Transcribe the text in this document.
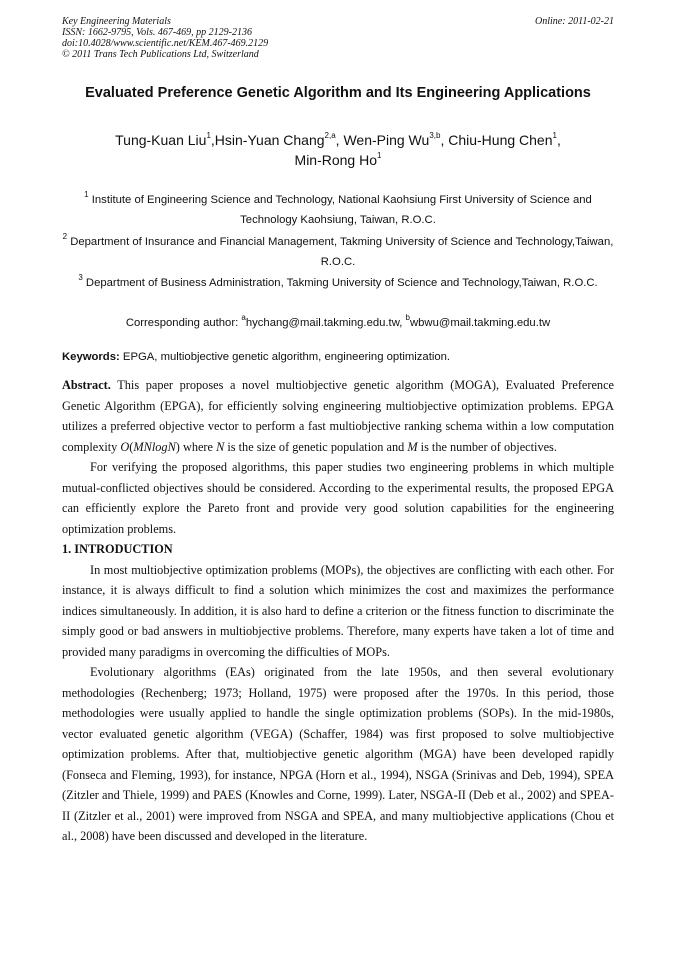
Key Engineering Materials
ISSN: 1662-9795, Vols. 467-469, pp 2129-2136
doi:10.4028/www.scientific.net/KEM.467-469.2129
© 2011 Trans Tech Publications Ltd, Switzerland
Online: 2011-02-21
Evaluated Preference Genetic Algorithm and Its Engineering Applications
Tung-Kuan Liu$^1$,Hsin-Yuan Chang$^{2,a}$, Wen-Ping Wu$^{3,b}$, Chiu-Hung Chen$^1$,
Min-Rong Ho$^1$
$^1$ Institute of Engineering Science and Technology, National Kaohsiung First University of Science and Technology Kaohsiung, Taiwan, R.O.C.
$^2$ Department of Insurance and Financial Management, Takming University of Science and Technology,Taiwan, R.O.C.
$^3$ Department of Business Administration, Takming University of Science and Technology,Taiwan, R.O.C.
Corresponding author: $^a$hychang@mail.takming.edu.tw, $^b$wbwu@mail.takming.edu.tw
Keywords: EPGA, multiobjective genetic algorithm, engineering optimization.

Abstract. This paper proposes a novel multiobjective genetic algorithm (MOGA), Evaluated Preference Genetic Algorithm (EPGA), for efficiently solving engineering multiobjective optimization problems. EPGA utilizes a preferred objective vector to perform a fast multiobjective ranking schema within a low computation complexity O(MNlogN) where N is the size of genetic population and M is the number of objectives.

For verifying the proposed algorithms, this paper studies two engineering problems in which multiple mutual-conflicted objectives should be considered. According to the experimental results, the proposed EPGA can efficiently explore the Pareto front and provide very good solution capabilities for the engineering optimization problems.

1. INTRODUCTION

In most multiobjective optimization problems (MOPs), the objectives are conflicting with each other. For instance, it is always difficult to find a solution which minimizes the cost and maximizes the performance indices simultaneously. In addition, it is also hard to define a criterion or the fitness function to discriminate the simply good or bad answers in multiobjective problems. Therefore, many experts have taken a lot of time and provided many paradigms in overcoming the difficulties of MOPs.

Evolutionary algorithms (EAs) originated from the late 1950s, and then several evolutionary methodologies (Rechenberg; 1973; Holland, 1975) were proposed after the 1970s. In this period, those methodologies were usually applied to handle the single optimization problems (SOPs). In the mid-1980s, vector evaluated genetic algorithm (VEGA) (Schaffer, 1984) was first proposed to solve multiobjective optimization problems. After that, multiobjective genetic algorithm (MGA) have been developed rapidly (Fonseca and Fleming, 1993), for instance, NPGA (Horn et al., 1994), NSGA (Srinivas and Deb, 1994), SPEA (Zitzler and Thiele, 1999) and PAES (Knowles and Corne, 1999). Later, NSGA-II (Deb et al., 2002) and SPEA-II (Zitzler et al., 2001) were improved from NSGA and SPEA, and many multiobjective applications (Chou et al., 2008) have been discussed and developed in the literature.
